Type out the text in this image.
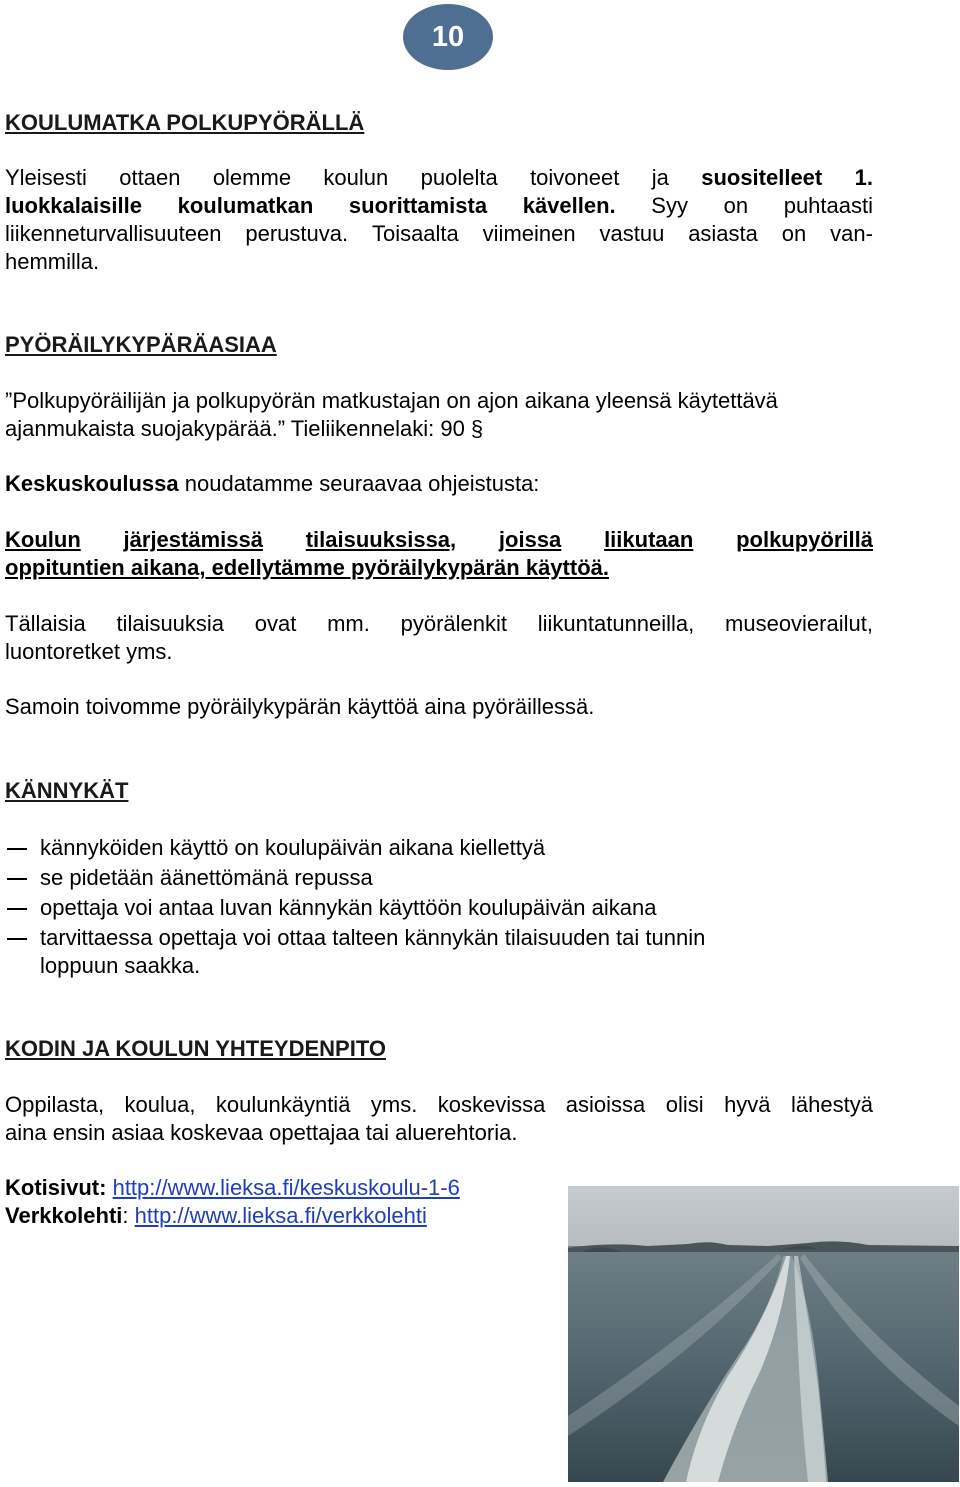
10
KOULUMATKA POLKUPYÖRÄLLÄ
Yleisesti ottaen olemme koulun puolelta toivoneet ja suositelleet 1.
luokkalaisille koulumatkan suorittamista kävellen. Syy on puhtaasti
liikenneturvallisuuteen perustuva. Toisaalta viimeinen vastuu asiasta on van-
hemmilla.
PYÖRÄILYKYPÄRÄASIAA
”Polkupyöräilijän ja polkupyörän matkustajan on ajon aikana yleensä käytettävä
ajanmukaista suojakypärää.” Tieliikennelaki: 90 §
Keskuskoulussa noudatamme seuraavaa ohjeistusta:
Koulun järjestämissä tilaisuuksissa, joissa liikutaan polkupyörillä
oppituntien aikana, edellytämme pyöräilykypärän käyttöä.
Tällaisia tilaisuuksia ovat mm. pyörälenkit liikuntatunneilla, museovierailut,
luontoretket yms.
Samoin toivomme pyöräilykypärän käyttöä aina pyöräillessä.
KÄNNYKÄT
kännyköiden käyttö on koulupäivän aikana kiellettyä
se pidetään äänettömänä repussa
opettaja voi antaa luvan kännykän käyttöön koulupäivän aikana
tarvittaessa opettaja voi ottaa talteen kännykän tilaisuuden tai tunnin
loppuun saakka.
KODIN JA KOULUN YHTEYDENPITO
Oppilasta, koulua, koulunkäyntiä yms. koskevissa asioissa olisi hyvä lähestyä
aina ensin asiaa koskevaa opettajaa tai aluerehtoria.
Kotisivut: http://www.lieksa.fi/keskuskoulu-1-6
Verkkolehti: http://www.lieksa.fi/verkkolehti
